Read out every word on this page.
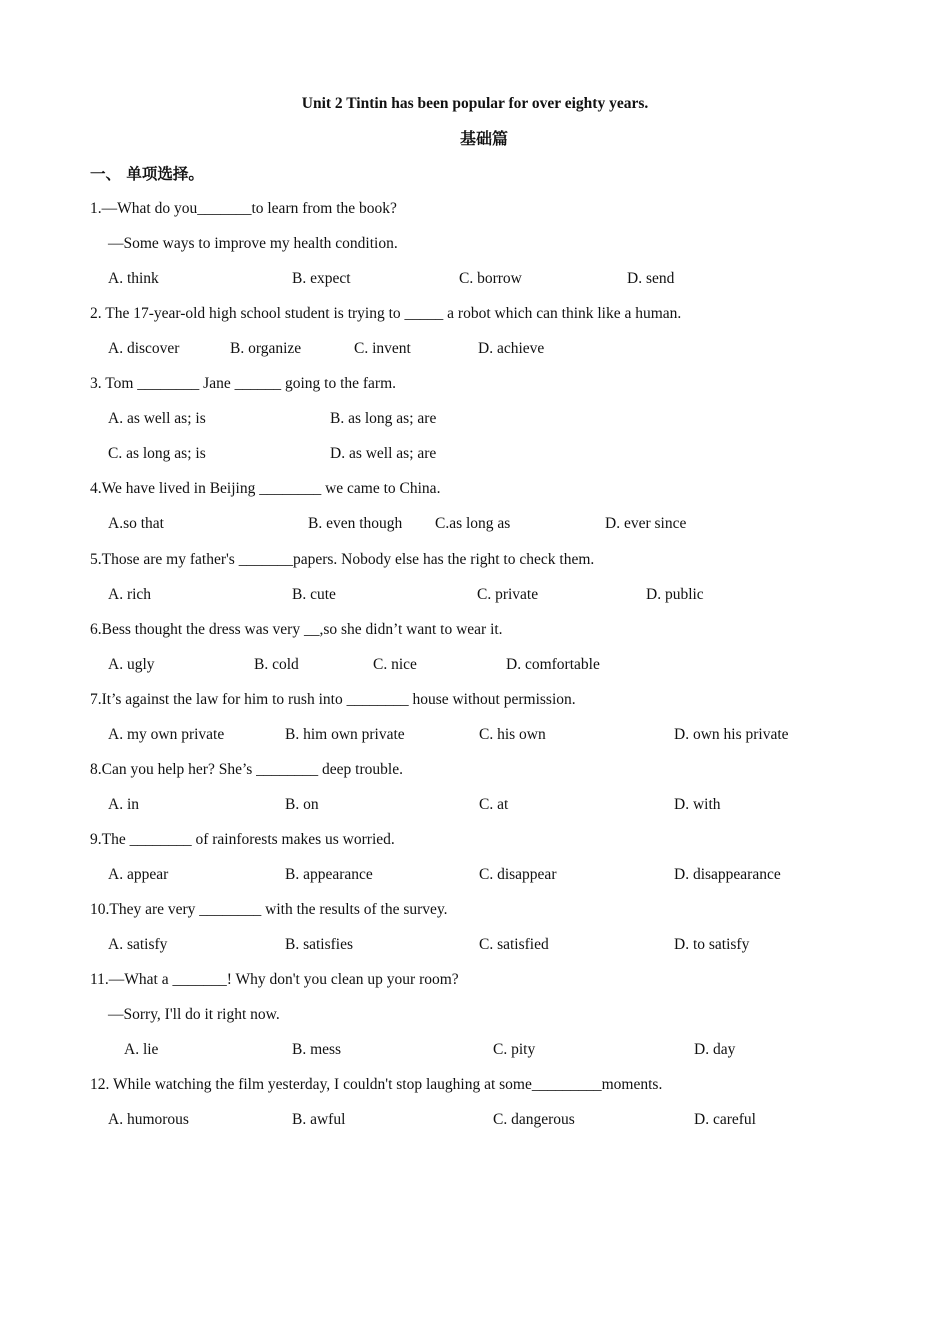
Unit 2 Tintin has been popular for over eighty years.
基础篇
一、 单项选择。
1.—What do you_______to learn from the book?
—Some ways to improve my health condition.
A. think	B. expect	C. borrow	D. send
2. The 17-year-old high school student is trying to _____ a robot which can think like a human.
A. discover	B. organize	C. invent	D. achieve
3. Tom ________ Jane ______ going to the farm.
A. as well as; is	B. as long as; are
C. as long as; is	D. as well as; are
4.We have lived in Beijing ________ we came to China.
A.so that	B. even though C.as long as	D. ever since
5.Those are my father's _______papers. Nobody else has the right to check them.
A. rich	B. cute	C. private	D. public
6.Bess thought the dress was very __,so she didn’t want to wear it.
A. ugly	B. cold	C. nice	D. comfortable
7.It’s against the law for him to rush into ________ house without permission.
A. my own private	B. him own private	C. his own	D. own his private
8.Can you help her? She’s ________ deep trouble.
A. in	B. on	C. at	D. with
9.The ________ of rainforests makes us worried.
A. appear	B. appearance	C. disappear	D. disappearance
10.They are very ________ with the results of the survey.
A. satisfy	B. satisfies	C. satisfied	D. to satisfy
11.—What a _______! Why don't you clean up your room?
—Sorry, I'll do it right now.
A. lie	B. mess	C. pity	D. day
12. While watching the film yesterday, I couldn't stop laughing at some_________moments.
A. humorous	B. awful	C. dangerous	D. careful
